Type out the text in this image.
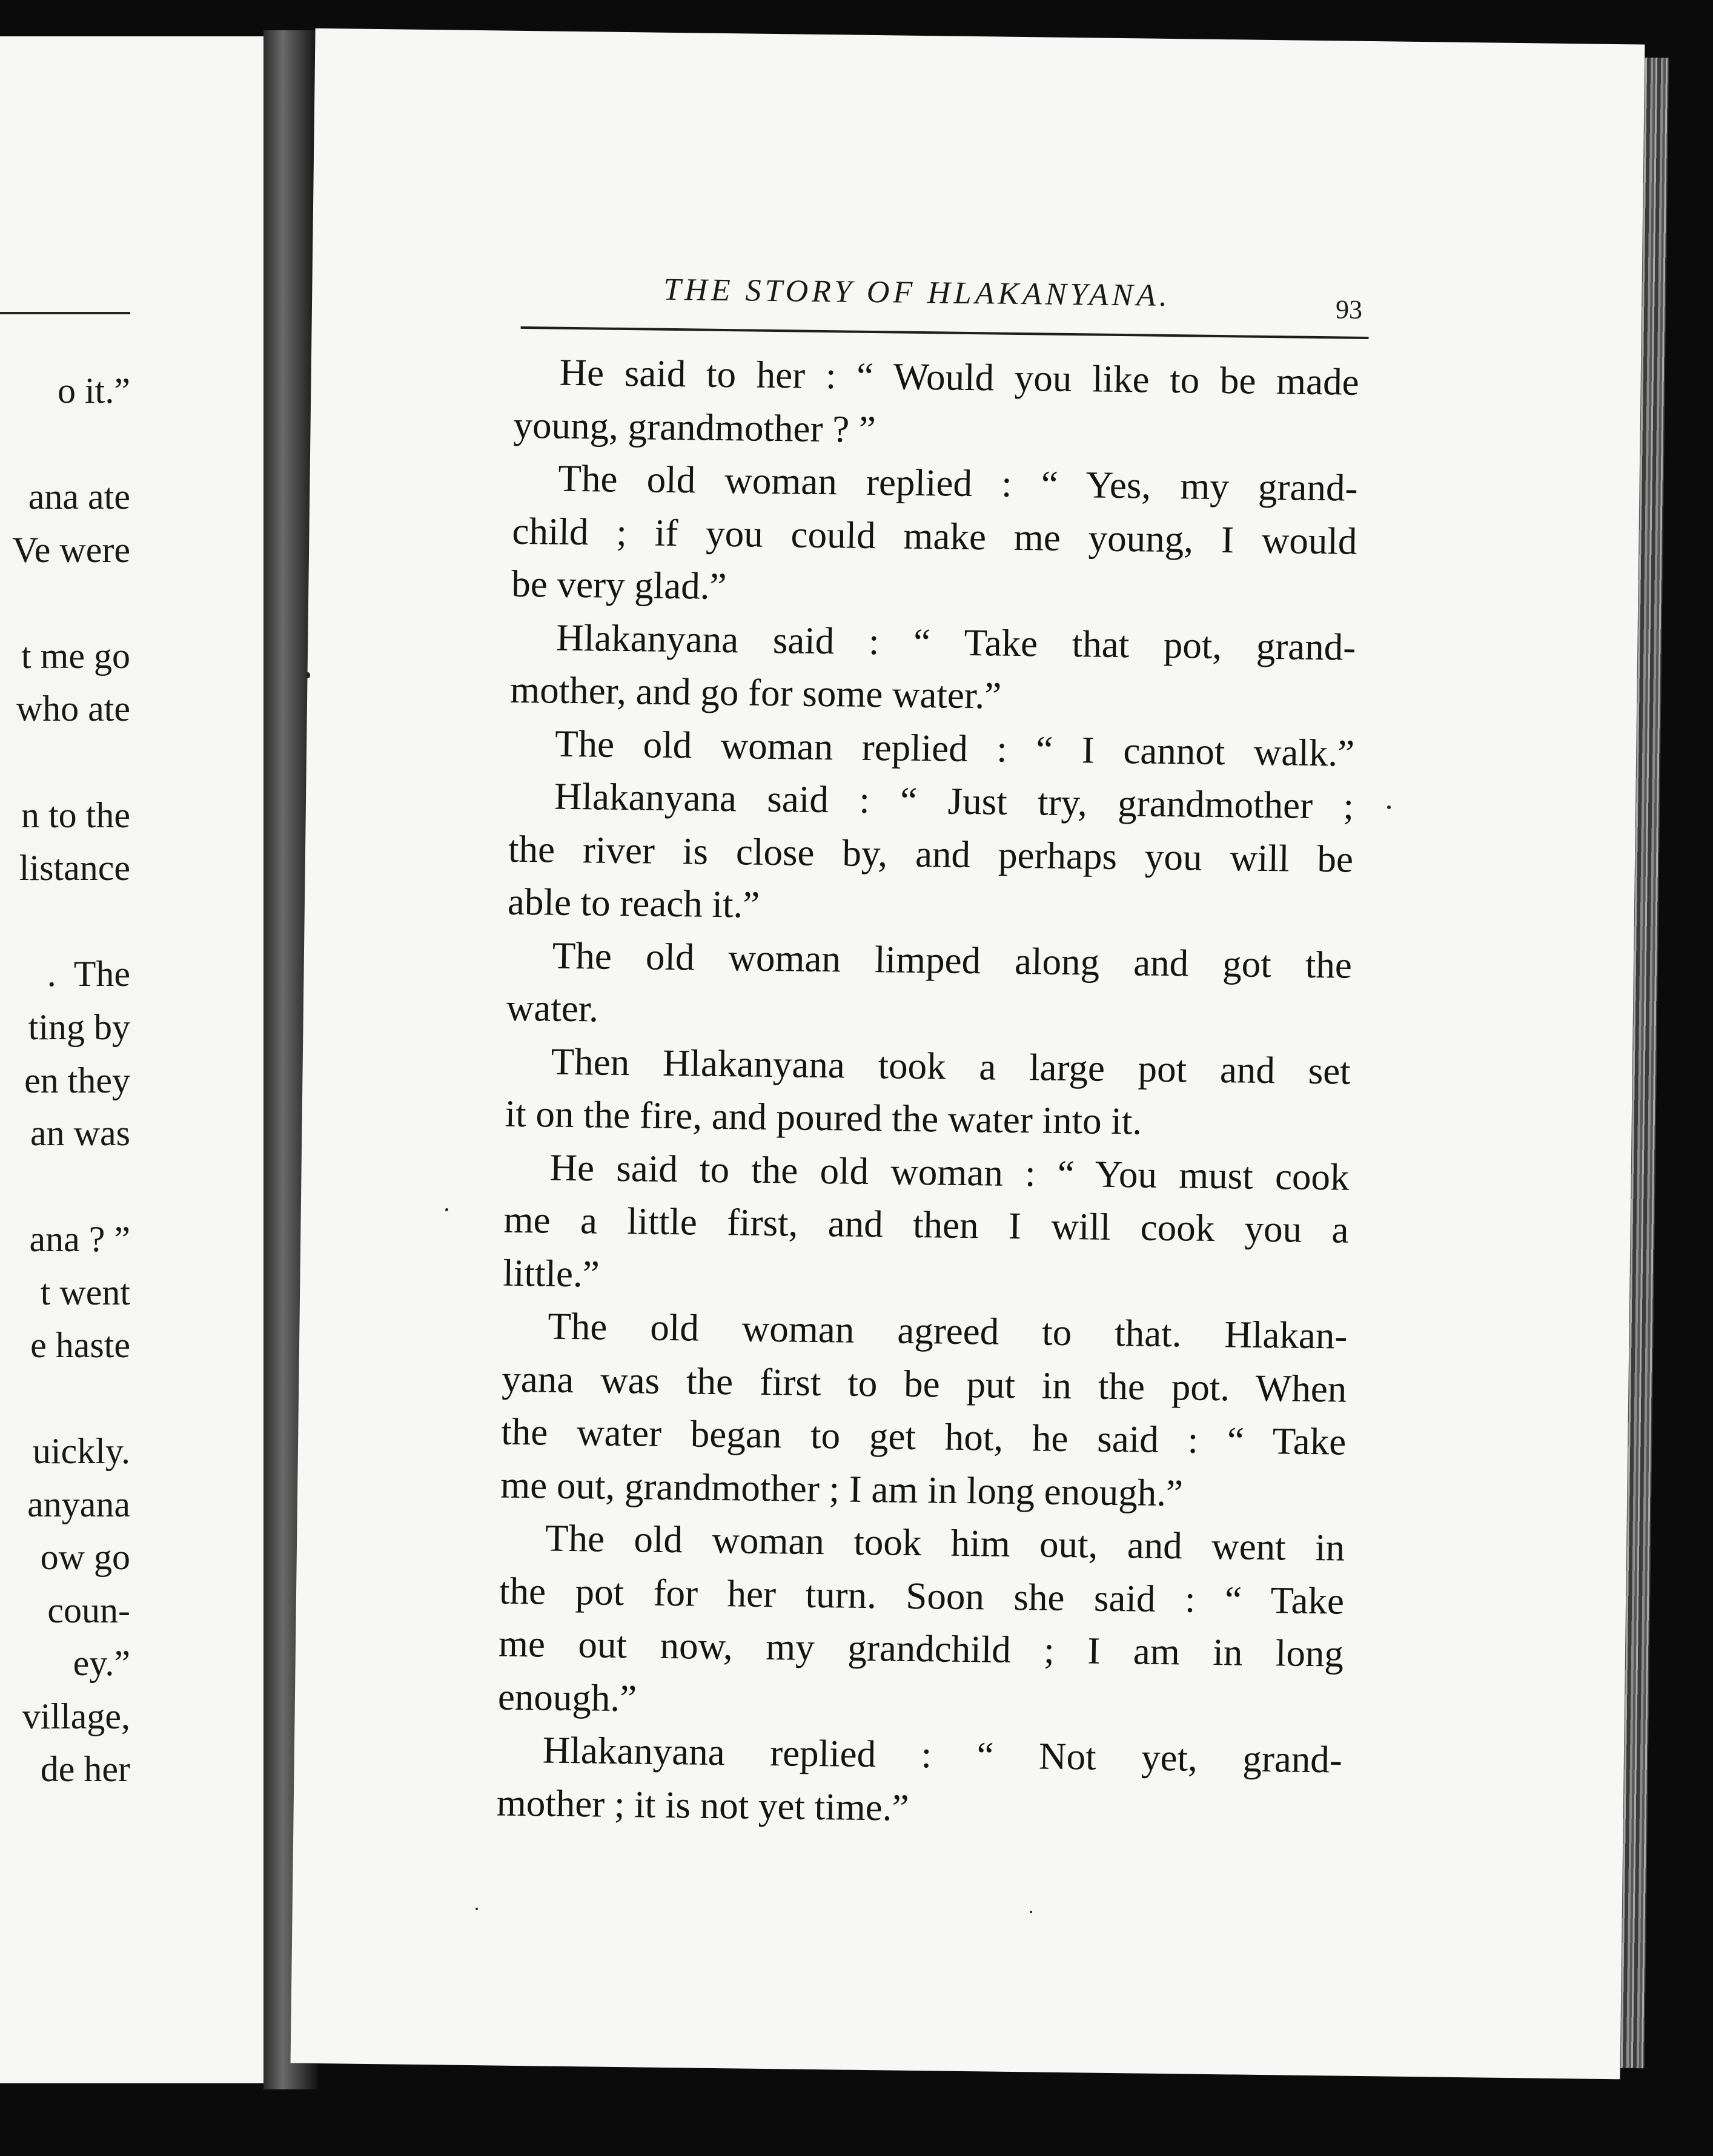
o it.”
ana ate
Ve were
t me go
who ate
n to the
listance
.  The
ting by
en they
an was
ana ? ”
t went
e haste
uickly.
anyana
ow go
coun-
ey.”
village,
de her
THE STORY OF HLAKANYANA.	93
He said to her : “ Would you like to be made
young, grandmother ? ”
The old woman replied : “ Yes, my grand-
child ; if you could make me young, I would
be very glad.”
Hlakanyana said : “ Take that pot, grand-
mother, and go for some water.”
The old woman replied : “ I cannot walk.”
Hlakanyana said : “ Just try, grandmother ;
the river is close by, and perhaps you will be
able to reach it.”
The old woman limped along and got the
water.
Then Hlakanyana took a large pot and set
it on the fire, and poured the water into it.
He said to the old woman : “ You must cook
me a little first, and then I will cook you a
little.”
The old woman agreed to that. Hlakan-
yana was the first to be put in the pot. When
the water began to get hot, he said : “ Take
me out, grandmother ; I am in long enough.”
The old woman took him out, and went in
the pot for her turn. Soon she said : “ Take
me out now, my grandchild ; I am in long
enough.”
Hlakanyana replied : “ Not yet, grand-
mother ; it is not yet time.”
